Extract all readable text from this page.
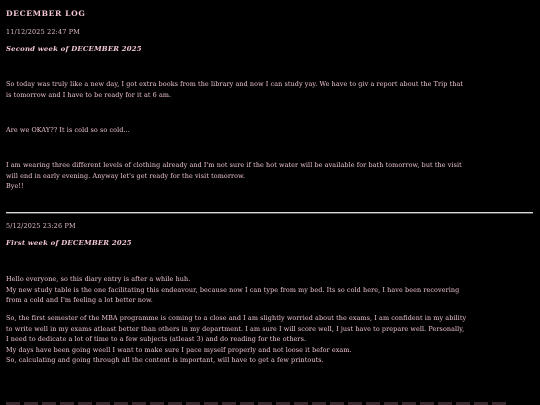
DECEMBER LOG
11/12/2025 22:47 PM
Second week of DECEMBER 2025
So today was truly like a new day, I got extra books from the library and now I can study yay. We have to giv a report about the Trip that
is tomorrow and I have to be ready for it at 6 am.
Are we OKAY?? It is cold so so cold...
I am wearing three different levels of clothing already and I'm not sure if the hot water will be available for bath tomorrow, but the visit
will end in early evening. Anyway let's get ready for the visit tomorrow.
Bye!!
5/12/2025 23:26 PM
First week of DECEMBER 2025
Hello everyone, so this diary entry is after a while huh.
My new study table is the one facilitating this endeavour, because now I can type from my bed. Its so cold here, I have been recovering
from a cold and I'm feeling a lot better now.
So, the first semester of the MBA programme is coming to a close and I am slightly worried about the exams, I am confident in my ability
to write well in my exams atleast better than others in my department. I am sure I will score well, I just have to prepare well. Personally,
I need to dedicate a lot of time to a few subjects (atleast 3) and do reading for the others.
My days have been going weell I want to make sure I pace myself properly and not loose it befor exam.
So, calculating and going through all the content is important, will have to get a few printouts.
